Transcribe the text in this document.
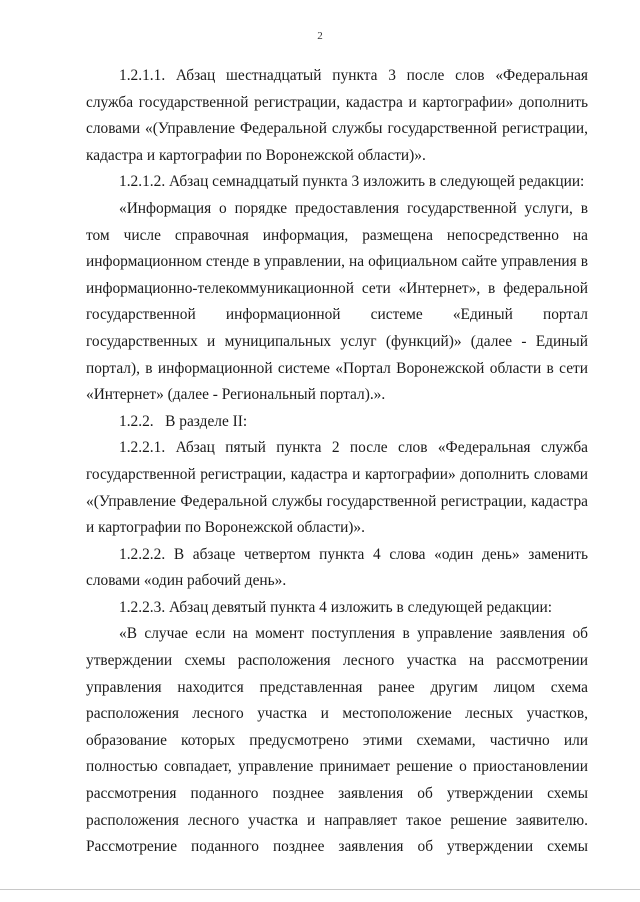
2

1.2.1.1. Абзац шестнадцатый пункта 3 после слов «Федеральная служба государственной регистрации, кадастра и картографии» дополнить словами «(Управление Федеральной службы государственной регистрации, кадастра и картографии по Воронежской области)».

1.2.1.2. Абзац семнадцатый пункта 3 изложить в следующей редакции:

«Информация о порядке предоставления государственной услуги, в том числе справочная информация, размещена непосредственно на информационном стенде в управлении, на официальном сайте управления в информационно-телекоммуникационной сети «Интернет», в федеральной государственной информационной системе «Единый портал государственных и муниципальных услуг (функций)» (далее - Единый портал), в информационной системе «Портал Воронежской области в сети «Интернет» (далее - Региональный портал).».

1.2.2.   В разделе II:

1.2.2.1. Абзац пятый пункта 2 после слов «Федеральная служба государственной регистрации, кадастра и картографии» дополнить словами «(Управление Федеральной службы государственной регистрации, кадастра и картографии по Воронежской области)».

1.2.2.2. В абзаце четвертом пункта 4 слова «один день» заменить словами «один рабочий день».

1.2.2.3. Абзац девятый пункта 4 изложить в следующей редакции:

«В случае если на момент поступления в управление заявления об утверждении схемы расположения лесного участка на рассмотрении управления находится представленная ранее другим лицом схема расположения лесного участка и местоположение лесных участков, образование которых предусмотрено этими схемами, частично или полностью совпадает, управление принимает решение о приостановлении рассмотрения поданного позднее заявления об утверждении схемы расположения лесного участка и направляет такое решение заявителю. Рассмотрение поданного позднее заявления об утверждении схемы
